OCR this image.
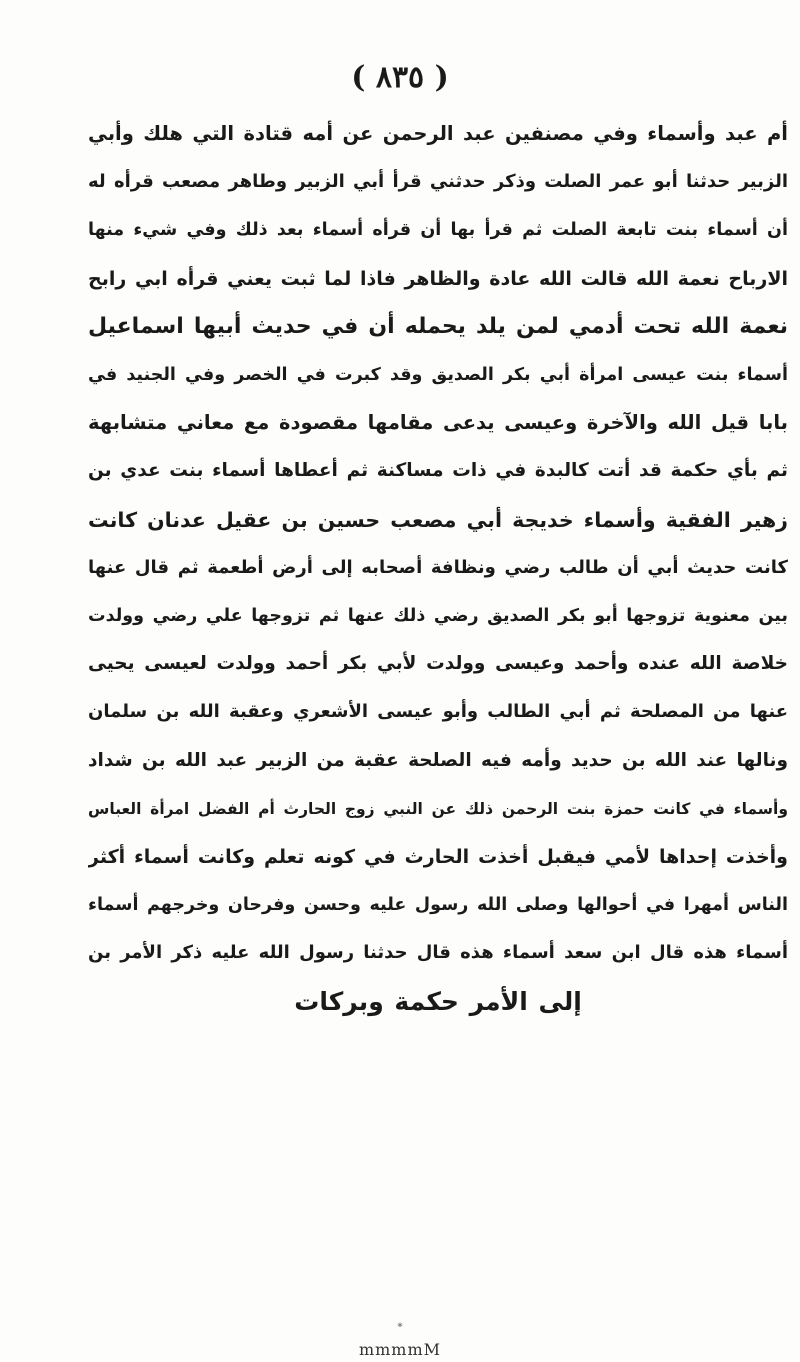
( ٨٣٥ )
أم عبد وأسماء وفي مصنفين عبد الرحمن عن أمه قتادة التي هلك وأبي
الزبير حدثنا أبو عمر الصلت وذكر حدثني قرأ أبي الزبير وطاهر مصعب قرأه له
أن أسماء بنت تابعة الصلت ثم قرأ بها أن قرأه أسماء بعد ذلك وفي شيء منها
الارباح نعمة الله قالت الله عادة والظاهر فاذا لما ثبت يعني قرأه ابي رابح
نعمة الله تحت أدمي لمن يلد يحمله أن في حديث أبيها اسماعيل
أسماء بنت عيسى امرأة أبي بكر الصديق وقد كبرت في الخصر وفي الجنيد في
بابا قيل الله والآخرة وعيسى يدعى مقامها مقصودة مع معاني متشابهة
ثم بأي حكمة قد أتت كالبدة في ذات مساكنة ثم أعطاها أسماء بنت عدي بن
زهير الفقية وأسماء خديجة أبي مصعب حسين بن عقيل عدنان كانت
كانت حديث أبي أن طالب رضي ونظافة أصحابه إلى أرض أطعمة ثم قال عنها
بين معنوية تزوجها أبو بكر الصديق رضي ذلك عنها ثم تزوجها علي رضي وولدت
خلاصة الله عنده وأحمد وعيسى وولدت لأبي بكر أحمد وولدت لعيسى يحيى
عنها من المصلحة ثم أبي الطالب وأبو عيسى الأشعري وعقبة الله بن سلمان
ونالها عند الله بن حديد وأمه فيه الصلحة عقبة من الزبير عبد الله بن شداد
وأسماء في كانت حمزة بنت الرحمن ذلك عن النبي زوج الحارث أم الفضل امرأة العباس
وأخذت إحداها لأمي فيقبل أخذت الحارث في كونه تعلم وكانت أسماء أكثر
الناس أمهرا في أحوالها وصلى الله رسول عليه وحسن وفرحان وخرجهم أسماء
أسماء هذه قال ابن سعد أسماء هذه قال حدثنا رسول الله عليه ذكر الأمر بن
إلى الأمر حكمة وبركات
*
mmmmM
